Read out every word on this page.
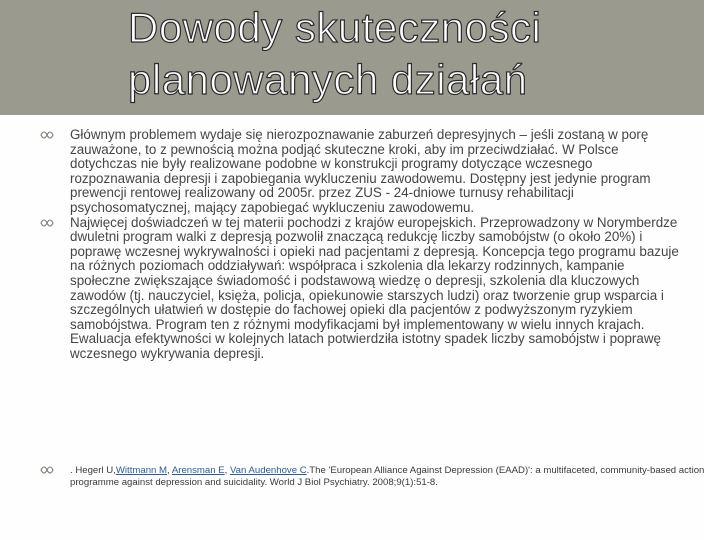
Dowody skuteczności
planowanych działań
Głównym problemem wydaje się nierozpoznawanie zaburzeń depresyjnych – jeśli zostaną w porę zauważone, to z pewnością można podjąć skuteczne kroki, aby im przeciwdziałać. W Polsce dotychczas nie były realizowane podobne w konstrukcji programy dotyczące wczesnego rozpoznawania depresji i zapobiegania wykluczeniu zawodowemu. Dostępny jest jedynie program prewencji rentowej realizowany od 2005r. przez ZUS - 24-dniowe turnusy rehabilitacji psychosomatycznej, mający zapobiegać wykluczeniu zawodowemu.
Najwięcej doświadczeń w tej materii pochodzi z krajów europejskich. Przeprowadzony w Norymberdze dwuletni program walki z depresją pozwolił znaczącą redukcję liczby samobójstw (o około 20%) i poprawę wczesnej wykrywalności i opieki nad pacjentami z depresją. Koncepcja tego programu bazuje na różnych poziomach oddziaływań: współpraca i szkolenia dla lekarzy rodzinnych, kampanie społeczne zwiększające świadomość i podstawową wiedzę o depresji, szkolenia dla kluczowych zawodów (tj. nauczyciel, księża, policja, opiekunowie starszych ludzi) oraz tworzenie grup wsparcia i szczególnych ułatwień w dostępie do fachowej opieki dla pacjentów z podwyższonym ryzykiem samobójstwa. Program ten z różnymi modyfikacjami był implementowany w wielu innych krajach. Ewaluacja efektywności w kolejnych latach potwierdziła istotny spadek liczby samobójstw i poprawę wczesnego wykrywania depresji.
. Hegerl U,Wittmann M, Arensman E, Van Audenhove C.The 'European Alliance Against Depression (EAAD)': a multifaceted, community-based action programme against depression and suicidality. World J Biol Psychiatry. 2008;9(1):51-8.
